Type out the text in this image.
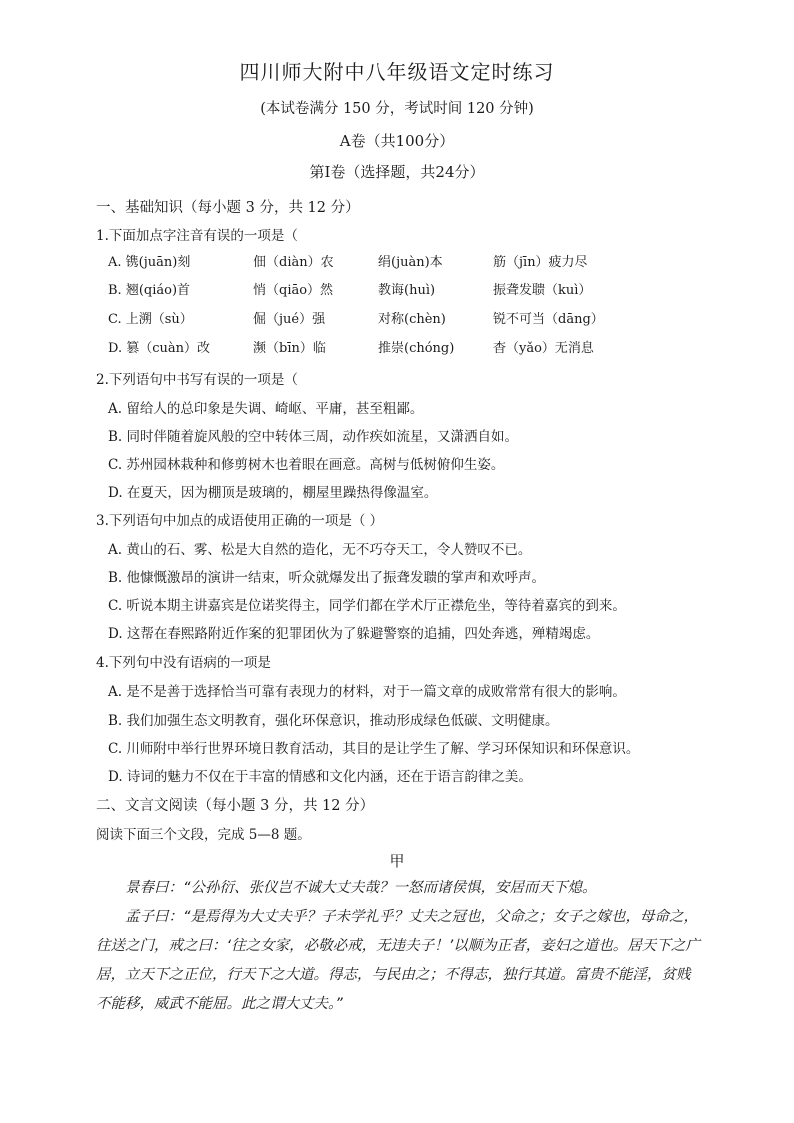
四川师大附中八年级语文定时练习
(本试卷满分 150 分，考试时间 120 分钟)
A卷（共100分）
第I卷（选择题，共24分）
一、基础知识（每小题 3 分，共 12 分）
1.下面加点字注音有误的一项是（
A. 镌(juān)刻	佃（diàn）农	绢(juàn)本	筋（jīn）疲力尽
B. 翘(qiáo)首	悄（qiāo）然	教诲(huì)	振聋发聩（kuì）
C. 上溯（sù）	倔（jué）强	对称(chèn)	锐不可当（dāng）
D. 篡（cuàn）改	濒（bīn）临	推崇(chóng)	杳（yǎo）无消息
2.下列语句中书写有误的一项是（
A. 留给人的总印象是失调、崎岖、平庸，甚至粗鄙。
B. 同时伴随着旋风般的空中转体三周，动作疾如流星，又潇洒自如。
C. 苏州园林栽种和修剪树木也着眼在画意。高树与低树俯仰生姿。
D. 在夏天，因为棚顶是玻璃的，棚屋里躁热得像温室。
3.下列语句中加点的成语使用正确的一项是（ ）
A. 黄山的石、雾、松是大自然的造化，无不巧夺天工，令人赞叹不已。
B. 他慷慨激昂的演讲一结束，听众就爆发出了振聋发聩的掌声和欢呼声。
C. 听说本期主讲嘉宾是位诺奖得主，同学们都在学术厅正襟危坐，等待着嘉宾的到来。
D. 这帮在春熙路附近作案的犯罪团伙为了躲避警察的追捕，四处奔逃，殚精竭虑。
4.下列句中没有语病的一项是
A. 是不是善于选择恰当可靠有表现力的材料，对于一篇文章的成败常常有很大的影响。
B. 我们加强生态文明教育，强化环保意识，推动形成绿色低碳、文明健康。
C. 川师附中举行世界环境日教育活动，其目的是让学生了解、学习环保知识和环保意识。
D. 诗词的魅力不仅在于丰富的情感和文化内涵，还在于语言韵律之美。
二、文言文阅读（每小题 3 分，共 12 分）
阅读下面三个文段，完成 5—8 题。
甲

景春曰：“公孙衍、张仪岂不诚大丈夫哉？一怒而诸侯惧，安居而天下熄。

孟子曰：“是焉得为大丈夫乎？子未学礼乎？丈夫之冠也，父命之；女子之嫁也，母命之，往送之门，戒之曰：‘往之女家，必敬必戒，无违夫子！’以顺为正者，妾妇之道也。居天下之广居，立天下之正位，行天下之大道。得志，与民由之；不得志，独行其道。富贵不能淫，贫贱不能移，威武不能屈。此之谓大丈夫。”
